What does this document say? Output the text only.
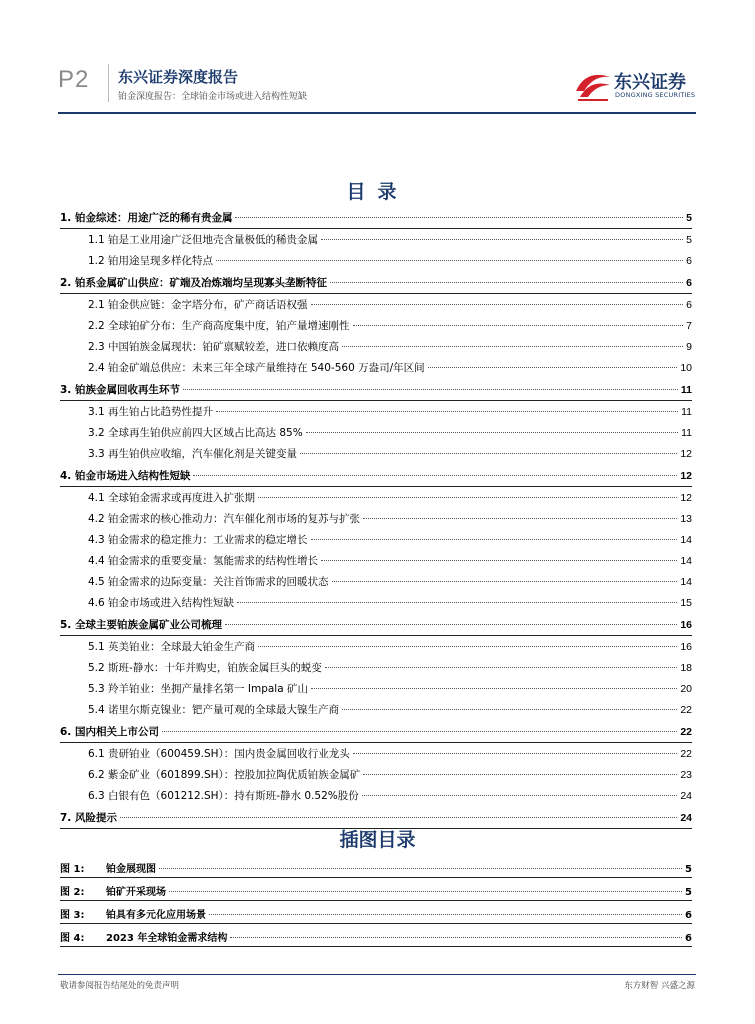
P2 东兴证券深度报告
铂金深度报告：全球铂金市场或进入结构性短缺
东兴证券
DONGXING SECURITIES
目录
1. 铂金综述：用途广泛的稀有贵金属	5
1.1 铂是工业用途广泛但地壳含量极低的稀贵金属	5
1.2 铂用途呈现多样化特点	6
2. 铂系金属矿山供应：矿端及冶炼端均呈现寡头垄断特征	6
2.1 铂金供应链：金字塔分布，矿产商话语权强	6
2.2 全球铂矿分布：生产商高度集中度，铂产量增速刚性	7
2.3 中国铂族金属现状：铂矿禀赋较差，进口依赖度高	9
2.4 铂金矿端总供应：未来三年全球产量维持在 540-560 万盎司/年区间	10
3. 铂族金属回收再生环节	11
3.1 再生铂占比趋势性提升	11
3.2 全球再生铂供应前四大区域占比高达 85%	11
3.3 再生铂供应收缩，汽车催化剂是关键变量	12
4. 铂金市场进入结构性短缺	12
4.1 全球铂金需求或再度进入扩张期	12
4.2 铂金需求的核心推动力：汽车催化剂市场的复苏与扩张	13
4.3 铂金需求的稳定推力：工业需求的稳定增长	14
4.4 铂金需求的重要变量：氢能需求的结构性增长	14
4.5 铂金需求的边际变量：关注首饰需求的回暖状态	14
4.6 铂金市场或进入结构性短缺	15
5. 全球主要铂族金属矿业公司梳理	16
5.1 英美铂业：全球最大铂金生产商	16
5.2 斯班-静水：十年并购史，铂族金属巨头的蜕变	18
5.3 羚羊铂业：坐拥产量排名第一 Impala 矿山	20
5.4 诺里尔斯克镍业：钯产量可观的全球最大镍生产商	22
6. 国内相关上市公司	22
6.1 贵研铂业（600459.SH）：国内贵金属回收行业龙头	22
6.2 紫金矿业（601899.SH）：控股加拉陶优质铂族金属矿	23
6.3 白银有色（601212.SH）：持有斯班-静水 0.52%股份	24
7. 风险提示	24
插图目录
图 1:	铂金展现图	5
图 2:	铂矿开采现场	5
图 3:	铂具有多元化应用场景	6
图 4:	2023 年全球铂金需求结构	6
敬请参阅报告结尾处的免责声明	东方财智 兴盛之源
